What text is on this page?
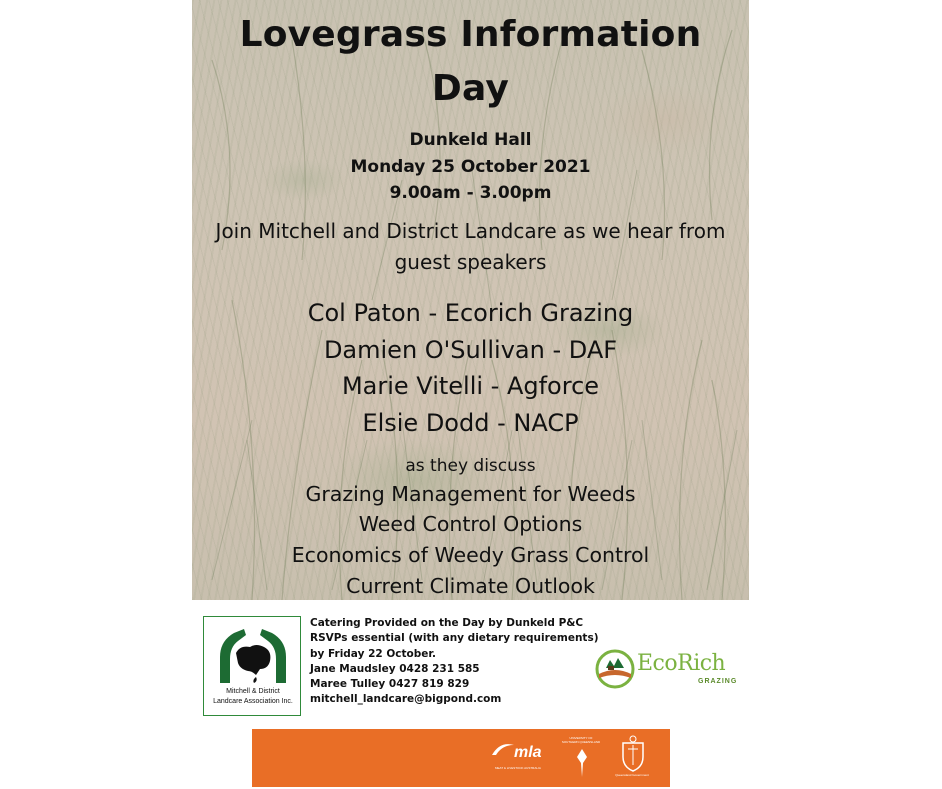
Lovegrass Information
Day
Dunkeld Hall
Monday 25 October 2021
9.00am - 3.00pm
Join Mitchell and District Landcare as we hear from
guest speakers
Col Paton - Ecorich Grazing
Damien O'Sullivan - DAF
Marie Vitelli - Agforce
Elsie Dodd - NACP
as they discuss
Grazing Management for Weeds
Weed Control Options
Economics of Weedy Grass Control
Current Climate Outlook
Mitchell & District
Landcare Association Inc.
Catering Provided on the Day by Dunkeld P&C
RSVPs essential (with any dietary requirements)
by Friday 22 October.
Jane Maudsley 0428 231 585
Maree Tulley 0427 819 829
mitchell_landcare@bigpond.com
EcoRich
GRAZING
mla
MEAT & LIVESTOCK AUSTRALIA
UNIVERSITY OF SOUTHERN QUEENSLAND
Queensland Government
